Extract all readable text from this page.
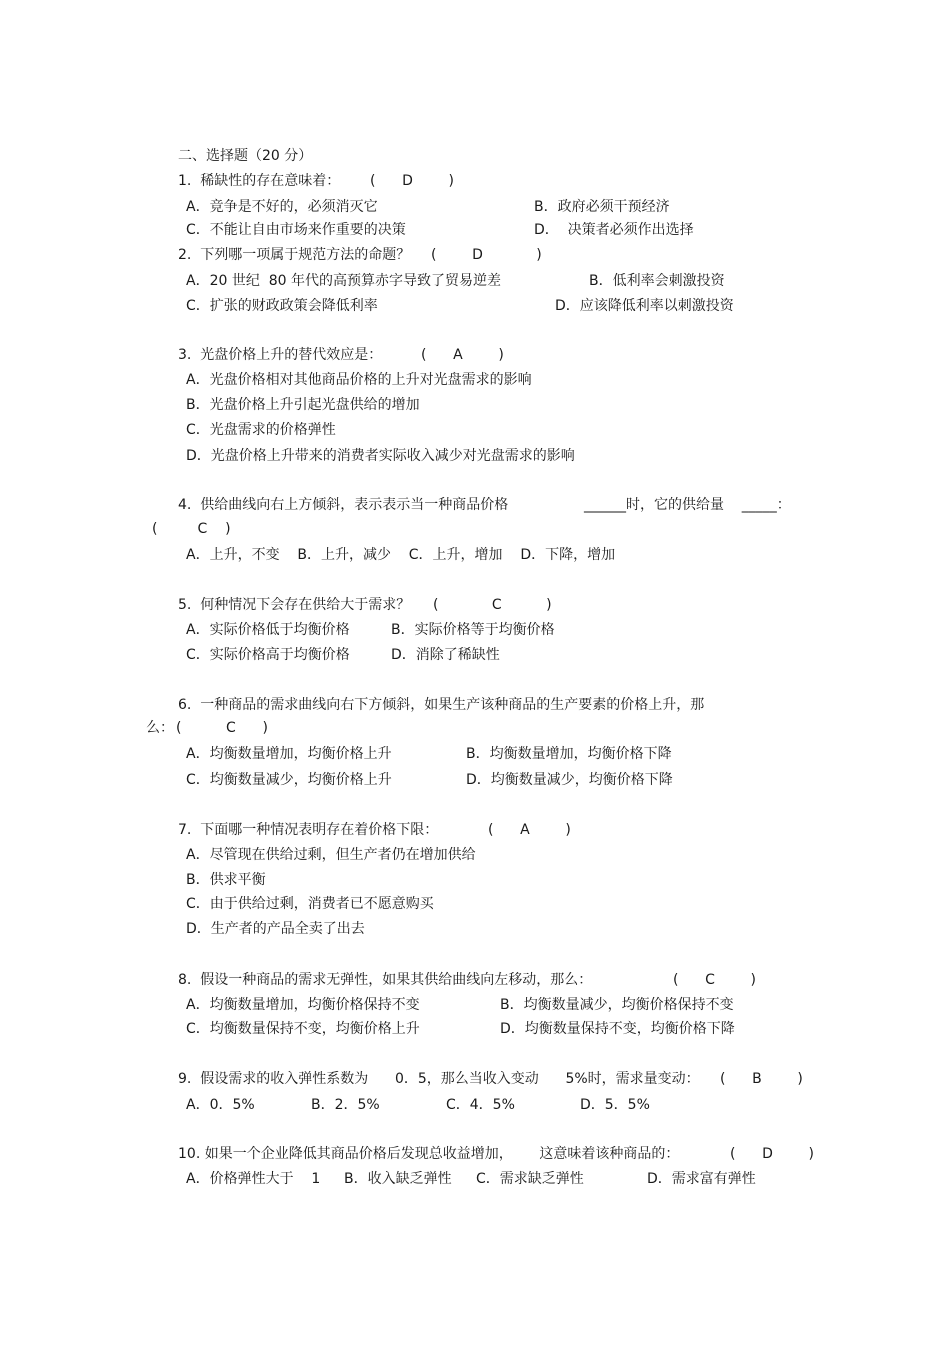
二、选择题（20 分）
1.  稀缺性的存在意味着： (      D        )
A．竞争是不好的，必须消灭它	B．政府必须干预经济
C．不能让自由市场来作重要的决策	D．  决策者必须作出选择
2.  下列哪一项属于规范方法的命题？ (        D            )
A．20 世纪  80 年代的高预算赤字导致了贸易逆差	B．低利率会刺激投资
C．扩张的财政政策会降低利率	D．应该降低利率以刺激投资
3.  光盘价格上升的替代效应是：	(      A        )
A．光盘价格相对其他商品价格的上升对光盘需求的影响
B．光盘价格上升引起光盘供给的增加
C．光盘需求的价格弹性
D．光盘价格上升带来的消费者实际收入减少对光盘需求的影响
4.  供给曲线向右上方倾斜，表示表示当一种商品价格	______时，它的供给量    _____：
(         C    )
A．上升，不变    B．上升，减少    C．上升，增加    D．下降，增加
5.  何种情况下会存在供给大于需求？ (            C          )
A．实际价格低于均衡价格	B．实际价格等于均衡价格
C．实际价格高于均衡价格	D．消除了稀缺性
6.  一种商品的需求曲线向右下方倾斜，如果生产该种商品的生产要素的价格上升，那
么： (          C      )
A．均衡数量增加，均衡价格上升	B．均衡数量增加，均衡价格下降
C．均衡数量减少，均衡价格上升	D．均衡数量减少，均衡价格下降
7.  下面哪一种情况表明存在着价格下限：	(      A        )
A．尽管现在供给过剩，但生产者仍在增加供给
B．供求平衡
C．由于供给过剩，消费者已不愿意购买
D．生产者的产品全卖了出去
8.  假设一种商品的需求无弹性，如果其供给曲线向左移动，那么：	(      C        )
A．均衡数量增加，均衡价格保持不变	B．均衡数量减少，均衡价格保持不变
C．均衡数量保持不变，均衡价格上升	D．均衡数量保持不变，均衡价格下降
9.  假设需求的收入弹性系数为      0．5，那么当收入变动      5%时，需求量变动： (      B        )
A．0．5%	B．2．5%	C．4．5%	D．5．5%
10. 如果一个企业降低其商品价格后发现总收益增加，      这意味着该种商品的：	(      D        )
A．价格弹性大于    1 B．收入缺乏弹性 C．需求缺乏弹性	D．需求富有弹性
